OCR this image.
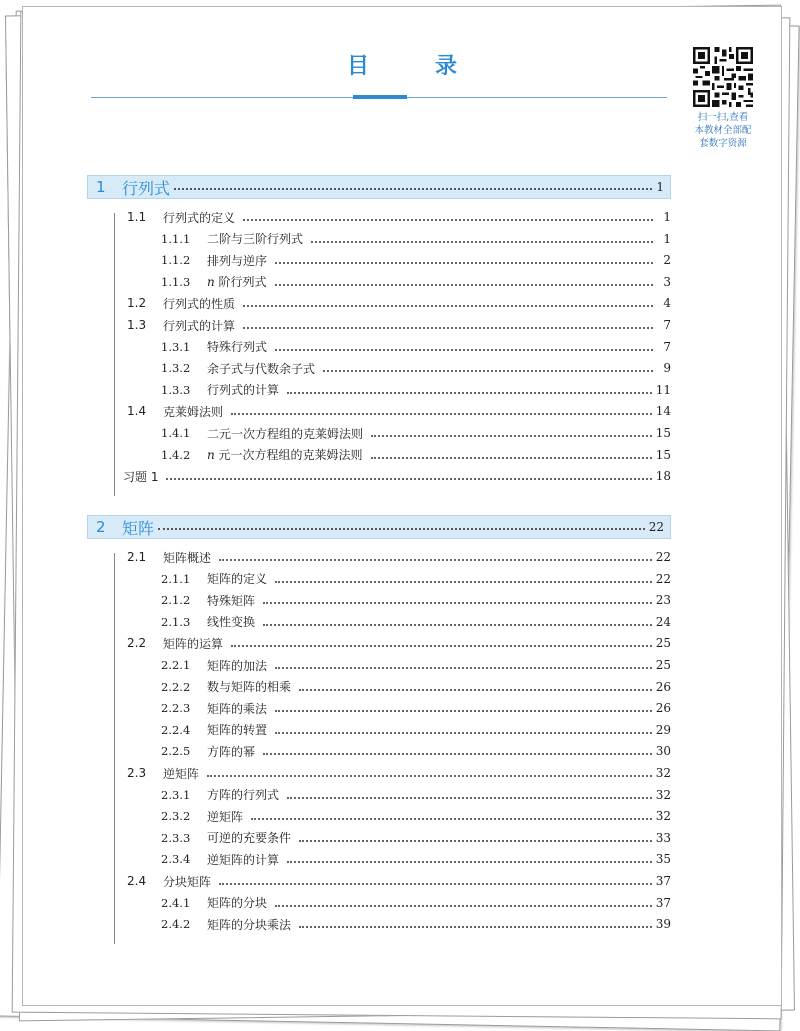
目　录
扫一扫,查看本教材全部配套数字资源
1	行列式	1
1.1	行列式的定义	1
1.1.1	二阶与三阶行列式	1
1.1.2	排列与逆序	2
1.1.3	n 阶行列式	3
1.2	行列式的性质	4
1.3	行列式的计算	7
1.3.1	特殊行列式	7
1.3.2	余子式与代数余子式	9
1.3.3	行列式的计算	11
1.4	克莱姆法则	14
1.4.1	二元一次方程组的克莱姆法则	15
1.4.2	n 元一次方程组的克莱姆法则	15
习题 1	18
2	矩阵	22
2.1	矩阵概述	22
2.1.1	矩阵的定义	22
2.1.2	特殊矩阵	23
2.1.3	线性变换	24
2.2	矩阵的运算	25
2.2.1	矩阵的加法	25
2.2.2	数与矩阵的相乘	26
2.2.3	矩阵的乘法	26
2.2.4	矩阵的转置	29
2.2.5	方阵的幂	30
2.3	逆矩阵	32
2.3.1	方阵的行列式	32
2.3.2	逆矩阵	32
2.3.3	可逆的充要条件	33
2.3.4	逆矩阵的计算	35
2.4	分块矩阵	37
2.4.1	矩阵的分块	37
2.4.2	矩阵的分块乘法	39
